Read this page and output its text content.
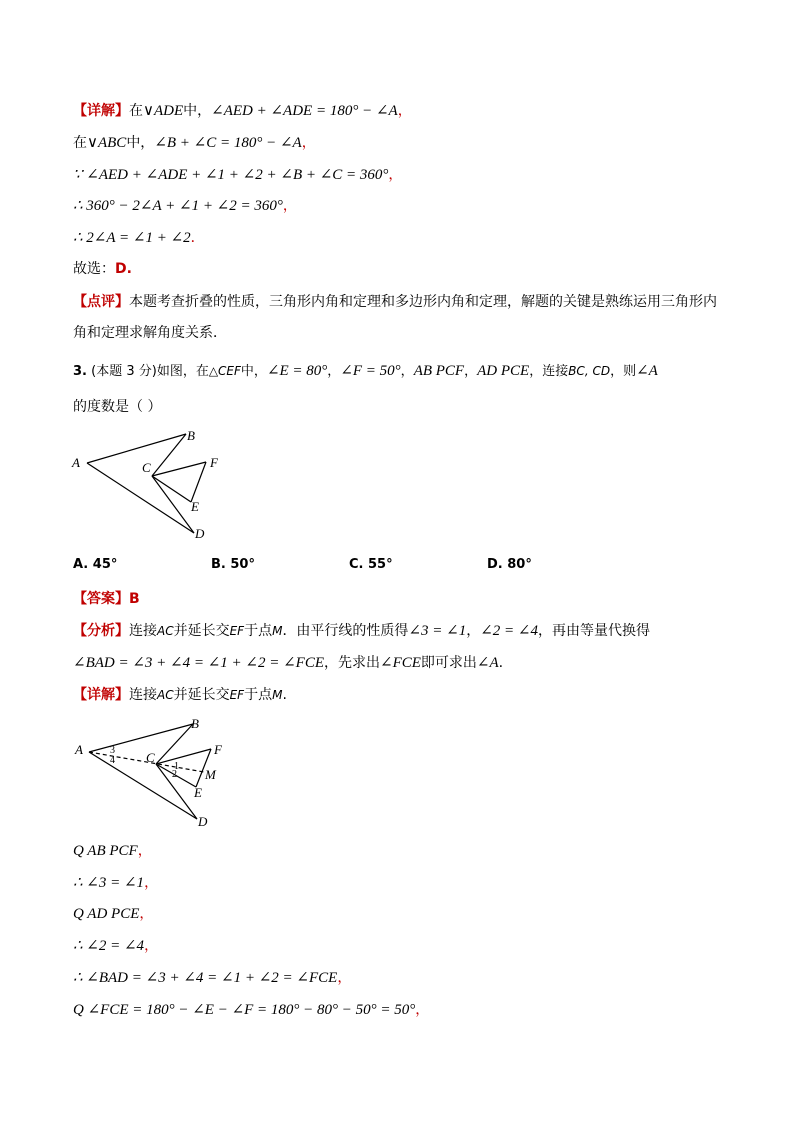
【详解】在∨ADE中，∠AED + ∠ADE = 180° − ∠A，
在∨ABC中，∠B + ∠C = 180° − ∠A，
∵ ∠AED + ∠ADE + ∠1 + ∠2 + ∠B + ∠C = 360°，
∴ 360° − 2∠A + ∠1 + ∠2 = 360°，
∴ 2∠A = ∠1 + ∠2．
故选：D.
【点评】本题考查折叠的性质，三角形内角和定理和多边形内角和定理，解题的关键是熟练运用三角形内
角和定理求解角度关系．
3. (本题 3 分)如图，在△CEF中，∠E = 80°，∠F = 50°，AB PCF，AD PCE，连接BC, CD，则∠A
的度数是（ ）
A
B
C	F
E
D
A. 45°	B. 50°	C. 55°	D. 80°
【答案】B
【分析】连接AC并延长交EF于点M．由平行线的性质得∠3 = ∠1，∠2 = ∠4，再由等量代换得
∠BAD = ∠3 + ∠4 = ∠1 + ∠2 = ∠FCE，先求出∠FCE即可求出∠A.
【详解】连接AC并延长交EF于点M.
A
B
C
F
M
E
D
3
4
1
2
Q AB PCF，
∴ ∠3 = ∠1，
Q AD PCE，
∴ ∠2 = ∠4，
∴ ∠BAD = ∠3 + ∠4 = ∠1 + ∠2 = ∠FCE，
Q ∠FCE = 180° − ∠E − ∠F = 180° − 80° − 50° = 50°，
